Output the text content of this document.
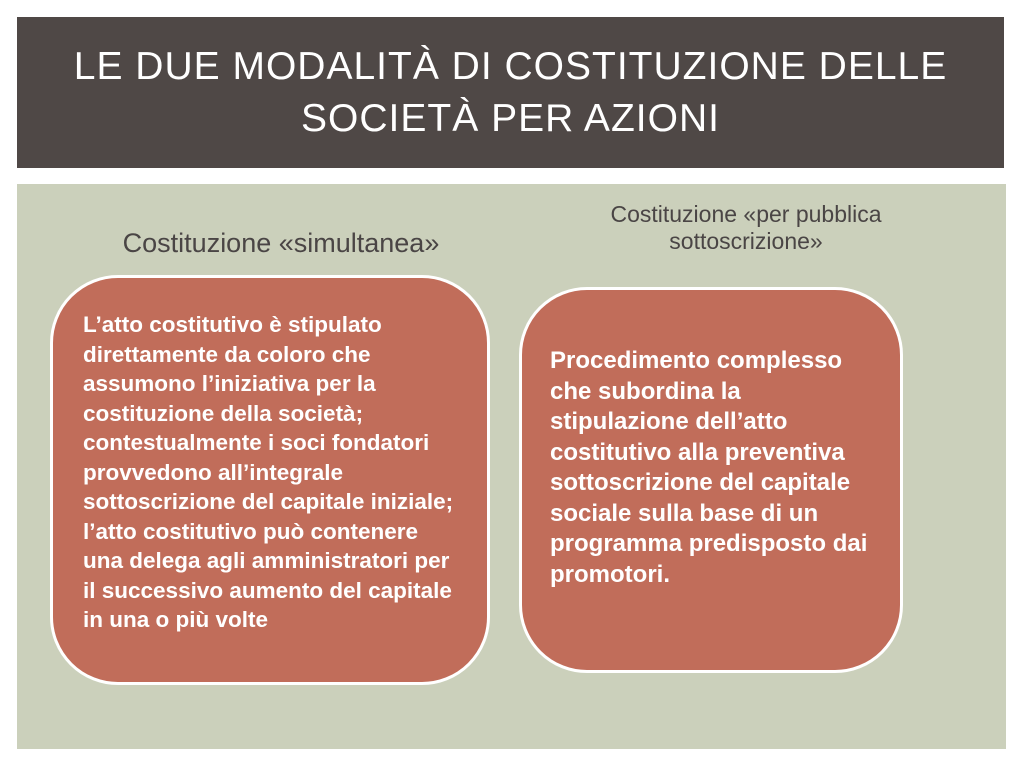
LE DUE MODALITÀ DI COSTITUZIONE DELLE SOCIETÀ PER AZIONI
Costituzione «simultanea»
Costituzione «per pubblica sottoscrizione»
L’atto costitutivo è stipulato direttamente da coloro che assumono l’iniziativa per la costituzione della società; contestualmente i soci fondatori provvedono all’integrale sottoscrizione del capitale iniziale; l’atto costitutivo può contenere una delega agli amministratori per il successivo aumento del capitale in una o più volte
Procedimento complesso che subordina la stipulazione dell’atto costitutivo alla preventiva sottoscrizione del capitale sociale sulla base di un programma predisposto dai promotori.
